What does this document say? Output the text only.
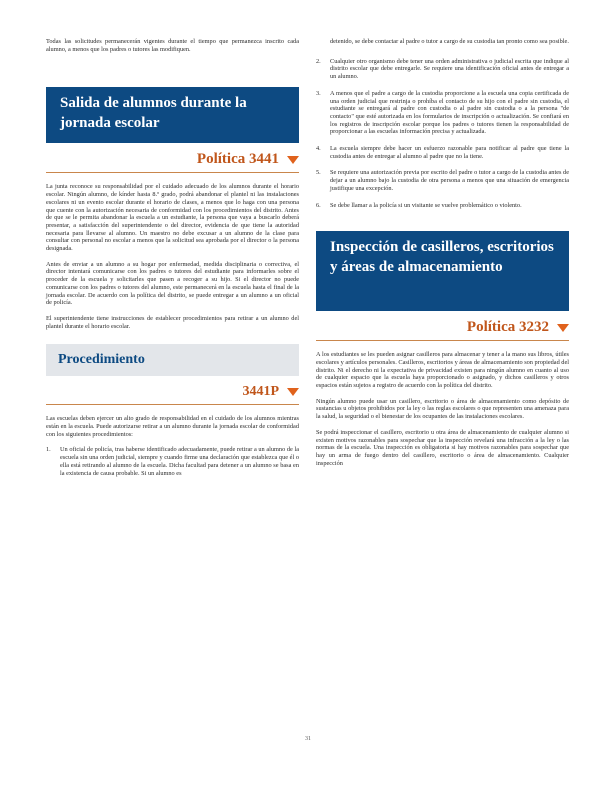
Todas las solicitudes permanecerán vigentes durante el tiempo que permanezca inscrito cada alumno, a menos que los padres o tutores las modifiquen.

Salida de alumnos durante la jornada escolar
Política 3441

La junta reconoce su responsabilidad por el cuidado adecuado de los alumnos durante el horario escolar. Ningún alumno, de kínder hasta 8.º grado, podrá abandonar el plantel ni las instalaciones escolares ni un evento escolar durante el horario de clases, a menos que lo haga con una persona que cuente con la autorización necesaria de conformidad con los procedimientos del distrito. Antes de que se le permita abandonar la escuela a un estudiante, la persona que vaya a buscarlo deberá presentar, a satisfacción del superintendente o del director, evidencia de que tiene la autoridad necesaria para llevarse al alumno. Un maestro no debe excusar a un alumno de la clase para consultar con personal no escolar a menos que la solicitud sea aprobada por el director o la persona designada.

Antes de enviar a un alumno a su hogar por enfermedad, medida disciplinaria o correctiva, el director intentará comunicarse con los padres o tutores del estudiante para informarles sobre el proceder de la escuela y solicitarles que pasen a recoger a su hijo. Si el director no puede comunicarse con los padres o tutores del alumno, este permanecerá en la escuela hasta el final de la jornada escolar. De acuerdo con la política del distrito, se puede entregar a un alumno a un oficial de policía.

El superintendente tiene instrucciones de establecer procedimientos para retirar a un alumno del plantel durante el horario escolar.

Procedimiento
3441P

Las escuelas deben ejercer un alto grado de responsabilidad en el cuidado de los alumnos mientras están en la escuela. Puede autorizarse retirar a un alumno durante la jornada escolar de conformidad con los siguientes procedimientos:

1.	Un oficial de policía, tras haberse identificado adecuadamente, puede retirar a un alumno de la escuela sin una orden judicial, siempre y cuando firme una declaración que establezca que él o ella está retirando al alumno de la escuela. Dicha facultad para detener a un alumno se basa en la existencia de causa probable. Si un alumno es

detenido, se debe contactar al padre o tutor a cargo de su custodia tan pronto como sea posible.

2.	Cualquier otro organismo debe tener una orden administrativa o judicial escrita que indique al distrito escolar que debe entregarle. Se requiere una identificación oficial antes de entregar a un alumno.

3.	A menos que el padre a cargo de la custodia proporcione a la escuela una copia certificada de una orden judicial que restrinja o prohíba el contacto de su hijo con el padre sin custodia, el estudiante se entregará al padre con custodia o al padre sin custodia o a la persona "de contacto" que esté autorizada en los formularios de inscripción o actualización. Se confiará en los registros de inscripción escolar porque los padres o tutores tienen la responsabilidad de proporcionar a las escuelas información precisa y actualizada.

4.	La escuela siempre debe hacer un esfuerzo razonable para notificar al padre que tiene la custodia antes de entregar al alumno al padre que no la tiene.

5.	Se requiere una autorización previa por escrito del padre o tutor a cargo de la custodia antes de dejar a un alumno bajo la custodia de otra persona a menos que una situación de emergencia justifique una excepción.

6.	Se debe llamar a la policía si un visitante se vuelve problemático o violento.

Inspección de casilleros, escritorios y áreas de almacenamiento
Política 3232

A los estudiantes se les pueden asignar casilleros para almacenar y tener a la mano sus libros, útiles escolares y artículos personales. Casilleros, escritorios y áreas de almacenamiento son propiedad del distrito. Ni el derecho ni la expectativa de privacidad existen para ningún alumno en cuanto al uso de cualquier espacio que la escuela haya proporcionado o asignado, y dichos casilleros y otros espacios están sujetos a registro de acuerdo con la política del distrito.

Ningún alumno puede usar un casillero, escritorio o área de almacenamiento como depósito de sustancias u objetos prohibidos por la ley o las reglas escolares o que representen una amenaza para la salud, la seguridad o el bienestar de los ocupantes de las instalaciones escolares.

Se podrá inspeccionar el casillero, escritorio u otra área de almacenamiento de cualquier alumno si existen motivos razonables para sospechar que la inspección revelará una infracción a la ley o las normas de la escuela. Una inspección es obligatoria si hay motivos razonables para sospechar que hay un arma de fuego dentro del casillero, escritorio o área de almacenamiento. Cualquier inspección

31
